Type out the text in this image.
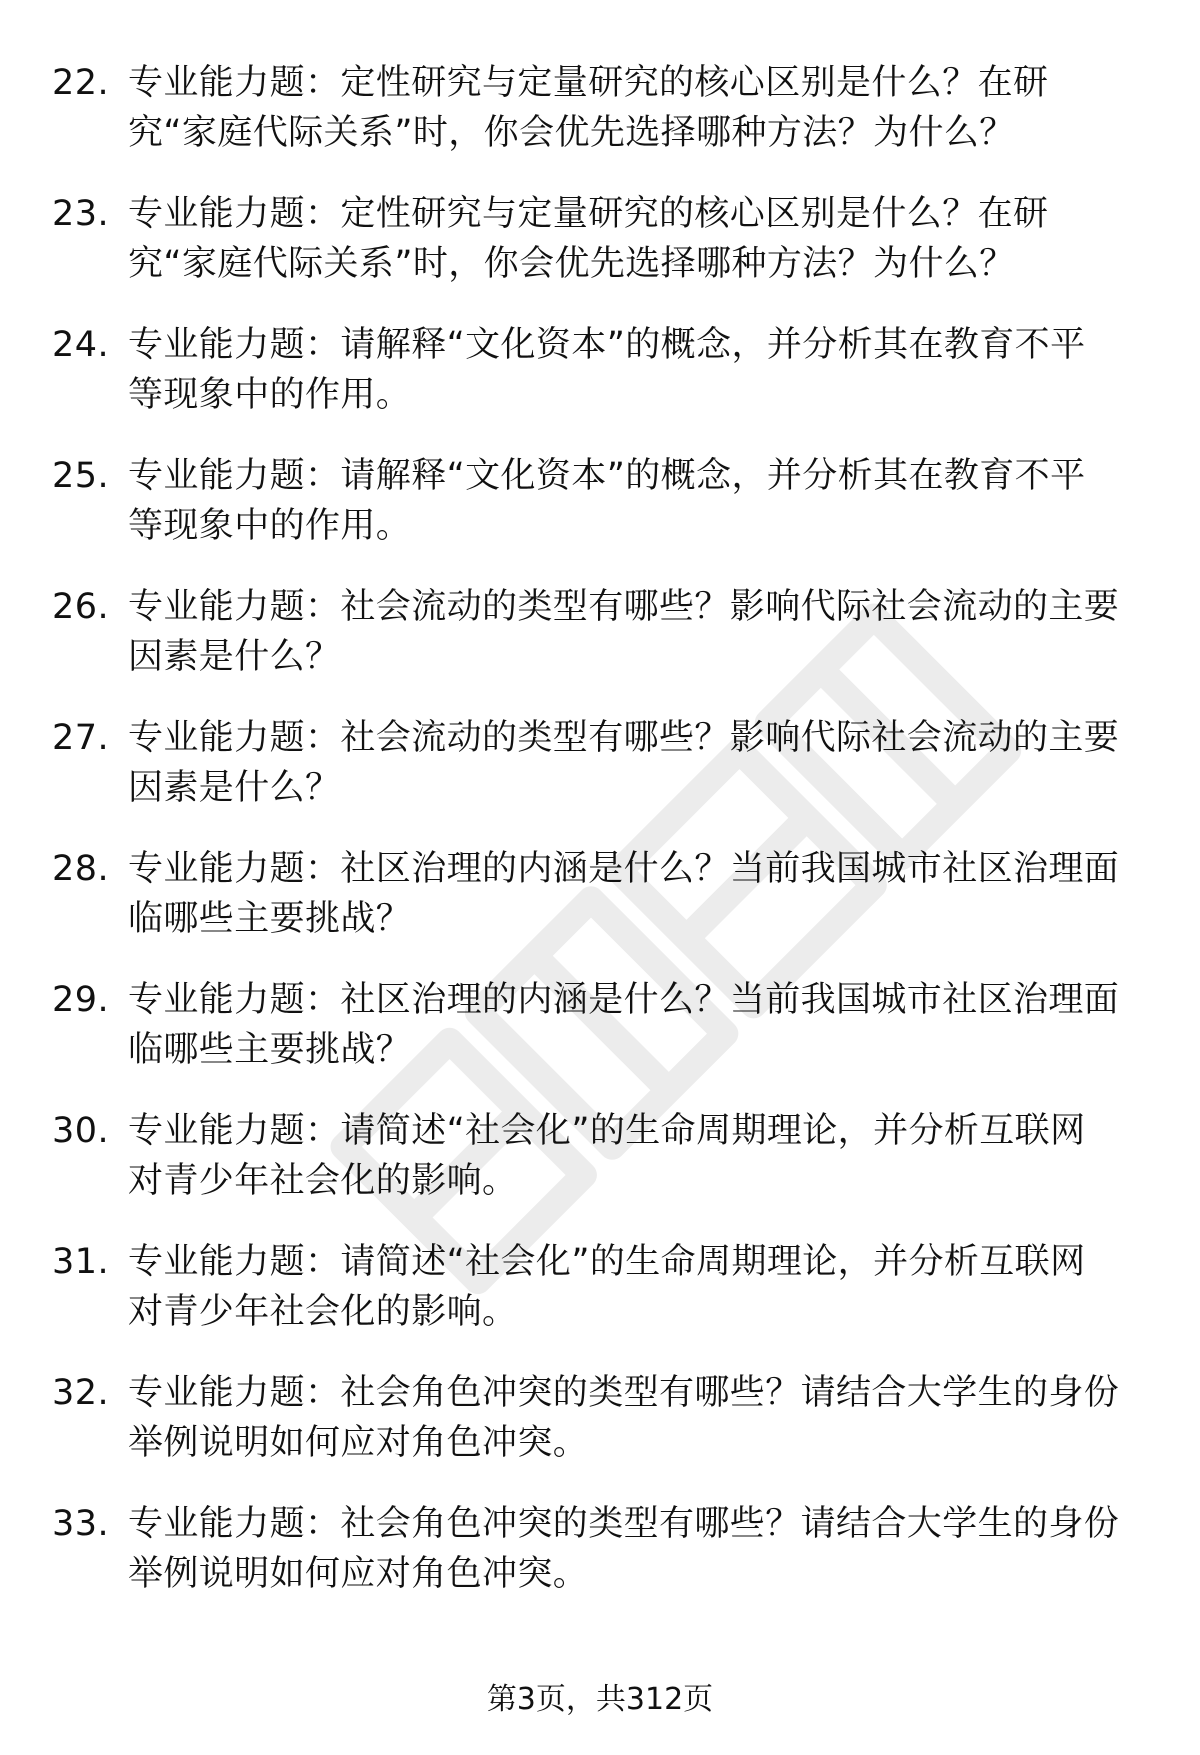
22. 专业能力题：定性研究与定量研究的核心区别是什么？在研
究“家庭代际关系”时，你会优先选择哪种方法？为什么？
23. 专业能力题：定性研究与定量研究的核心区别是什么？在研
究“家庭代际关系”时，你会优先选择哪种方法？为什么？
24. 专业能力题：请解释“文化资本”的概念，并分析其在教育不平
等现象中的作用。
25. 专业能力题：请解释“文化资本”的概念，并分析其在教育不平
等现象中的作用。
26. 专业能力题：社会流动的类型有哪些？影响代际社会流动的主要
因素是什么？
27. 专业能力题：社会流动的类型有哪些？影响代际社会流动的主要
因素是什么？
28. 专业能力题：社区治理的内涵是什么？当前我国城市社区治理面
临哪些主要挑战？
29. 专业能力题：社区治理的内涵是什么？当前我国城市社区治理面
临哪些主要挑战？
30. 专业能力题：请简述“社会化”的生命周期理论，并分析互联网
对青少年社会化的影响。
31. 专业能力题：请简述“社会化”的生命周期理论，并分析互联网
对青少年社会化的影响。
32. 专业能力题：社会角色冲突的类型有哪些？请结合大学生的身份
举例说明如何应对角色冲突。
33. 专业能力题：社会角色冲突的类型有哪些？请结合大学生的身份
举例说明如何应对角色冲突。
第3页，共312页
